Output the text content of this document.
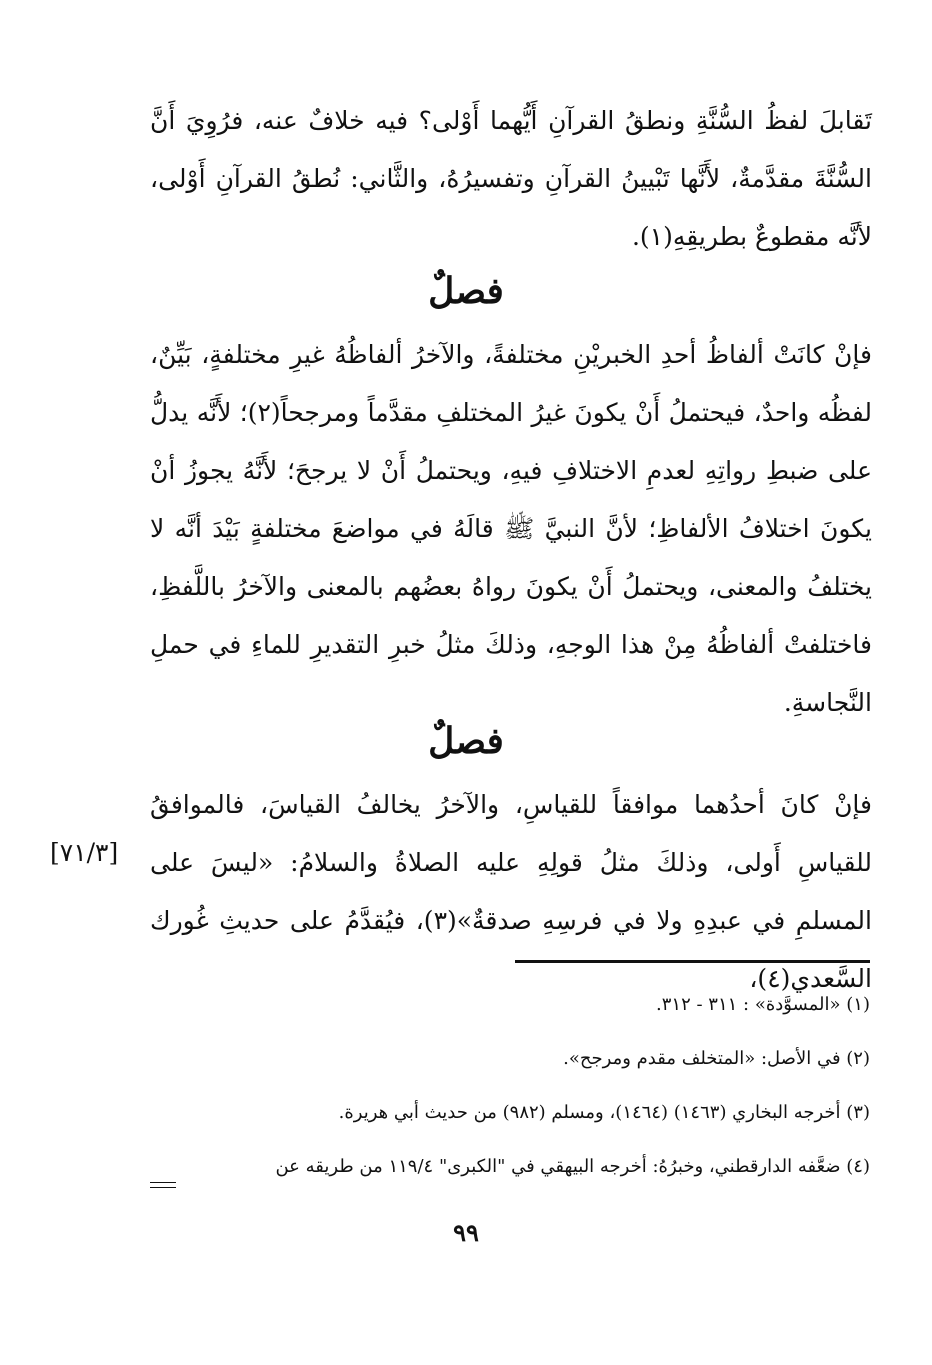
تَقابلَ لفظُ السُّنَّةِ ونطقُ القرآنِ أَيُّهما أَوْلى؟ فيه خلافٌ عنه، فرُوِيَ أَنَّ السُّنَّةَ مقدَّمةٌ، لأَنَّها تَبْيينُ القرآنِ وتفسيرُهُ، والثَّاني: نُطقُ القرآنِ أَوْلى، لأنَّه مقطوعٌ بطريقِهِ(١).

فصلٌ

فإنْ كانَتْ ألفاظُ أحدِ الخبريْنِ مختلفةً، والآخرُ ألفاظُهُ غيرِ مختلفةٍ، بَيِّنٌ، لفظُه واحدٌ، فيحتملُ أَنْ يكونَ غيرُ المختلفِ مقدَّماً ومرجحاً(٢)؛ لأَنَّه يدلُّ على ضبطِ رواتِهِ لعدمِ الاختلافِ فيهِ، ويحتملُ أَنْ لا يرجحَ؛ لأَنَّهُ يجوزُ أنْ يكونَ اختلافُ الألفاظِ؛ لأنَّ النبيَّ ﷺ قالَهُ في مواضعَ مختلفةٍ بَيْدَ أنَّه لا يختلفُ والمعنى، ويحتملُ أَنْ يكونَ رواهُ بعضُهم بالمعنى والآخرُ باللَّفظِ، فاختلفتْ ألفاظُهُ مِنْ هذا الوجهِ، وذلكَ مثلُ خبرِ التقديرِ للماءِ في حملِ النَّجاسةِ.

فصلٌ

فإنْ كانَ أحدُهما موافقاً للقياسِ، والآخرُ يخالفُ القياسَ، فالموافقُ للقياسِ أَولى، وذلكَ مثلُ قولِهِ عليه الصلاةُ والسلامُ: «ليسَ على المسلمِ في عبدِهِ ولا في فرسِهِ صدقةٌ»(٣)، فيُقدَّمُ على حديثِ غُورك السَّعدي(٤)،

[٧١/٣]

(١) «المسوَّدة» : ٣١١ - ٣١٢.

(٢) في الأصل: «المتخلف مقدم ومرجح».

(٣) أخرجه البخاري (١٤٦٣) (١٤٦٤)، ومسلم (٩٨٢) من حديث أبي هريرة.

(٤) ضعَّفه الدارقطني، وخبرُهُ: أخرجه البيهقي في "الكبرى" ١١٩/٤ من طريقه عن

٩٩
